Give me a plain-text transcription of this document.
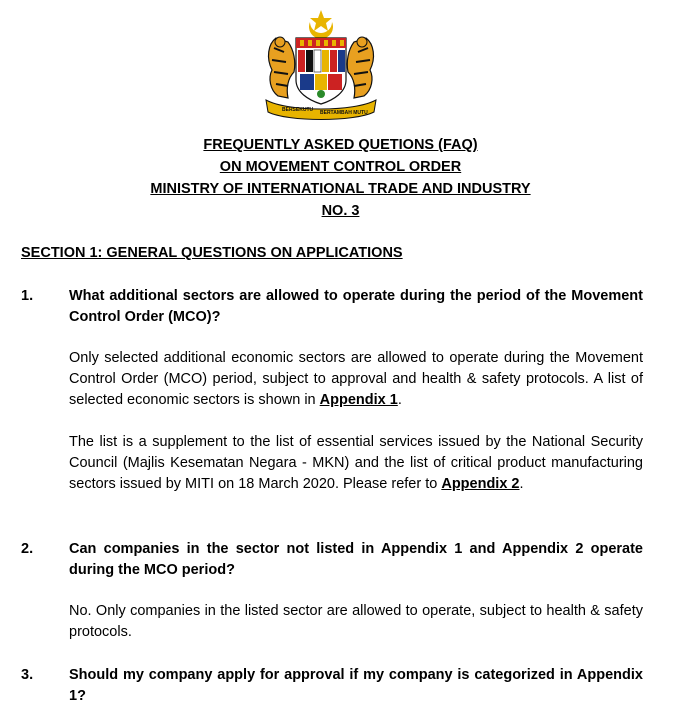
BERSEKUTU BERTAMBAH MUTU
FREQUENTLY ASKED QUETIONS (FAQ)
ON MOVEMENT CONTROL ORDER
MINISTRY OF INTERNATIONAL TRADE AND INDUSTRY
NO. 3
SECTION 1: GENERAL QUESTIONS ON APPLICATIONS
1. What additional sectors are allowed to operate during the period of the Movement Control Order (MCO)?
Only selected additional economic sectors are allowed to operate during the Movement Control Order (MCO) period, subject to approval and health & safety protocols. A list of selected economic sectors is shown in Appendix 1.
The list is a supplement to the list of essential services issued by the National Security Council (Majlis Kesematan Negara - MKN) and the list of critical product manufacturing sectors issued by MITI on 18 March 2020. Please refer to Appendix 2.
2. Can companies in the sector not listed in Appendix 1 and Appendix 2 operate during the MCO period?
No. Only companies in the listed sector are allowed to operate, subject to health & safety protocols.
3. Should my company apply for approval if my company is categorized in Appendix 1?
